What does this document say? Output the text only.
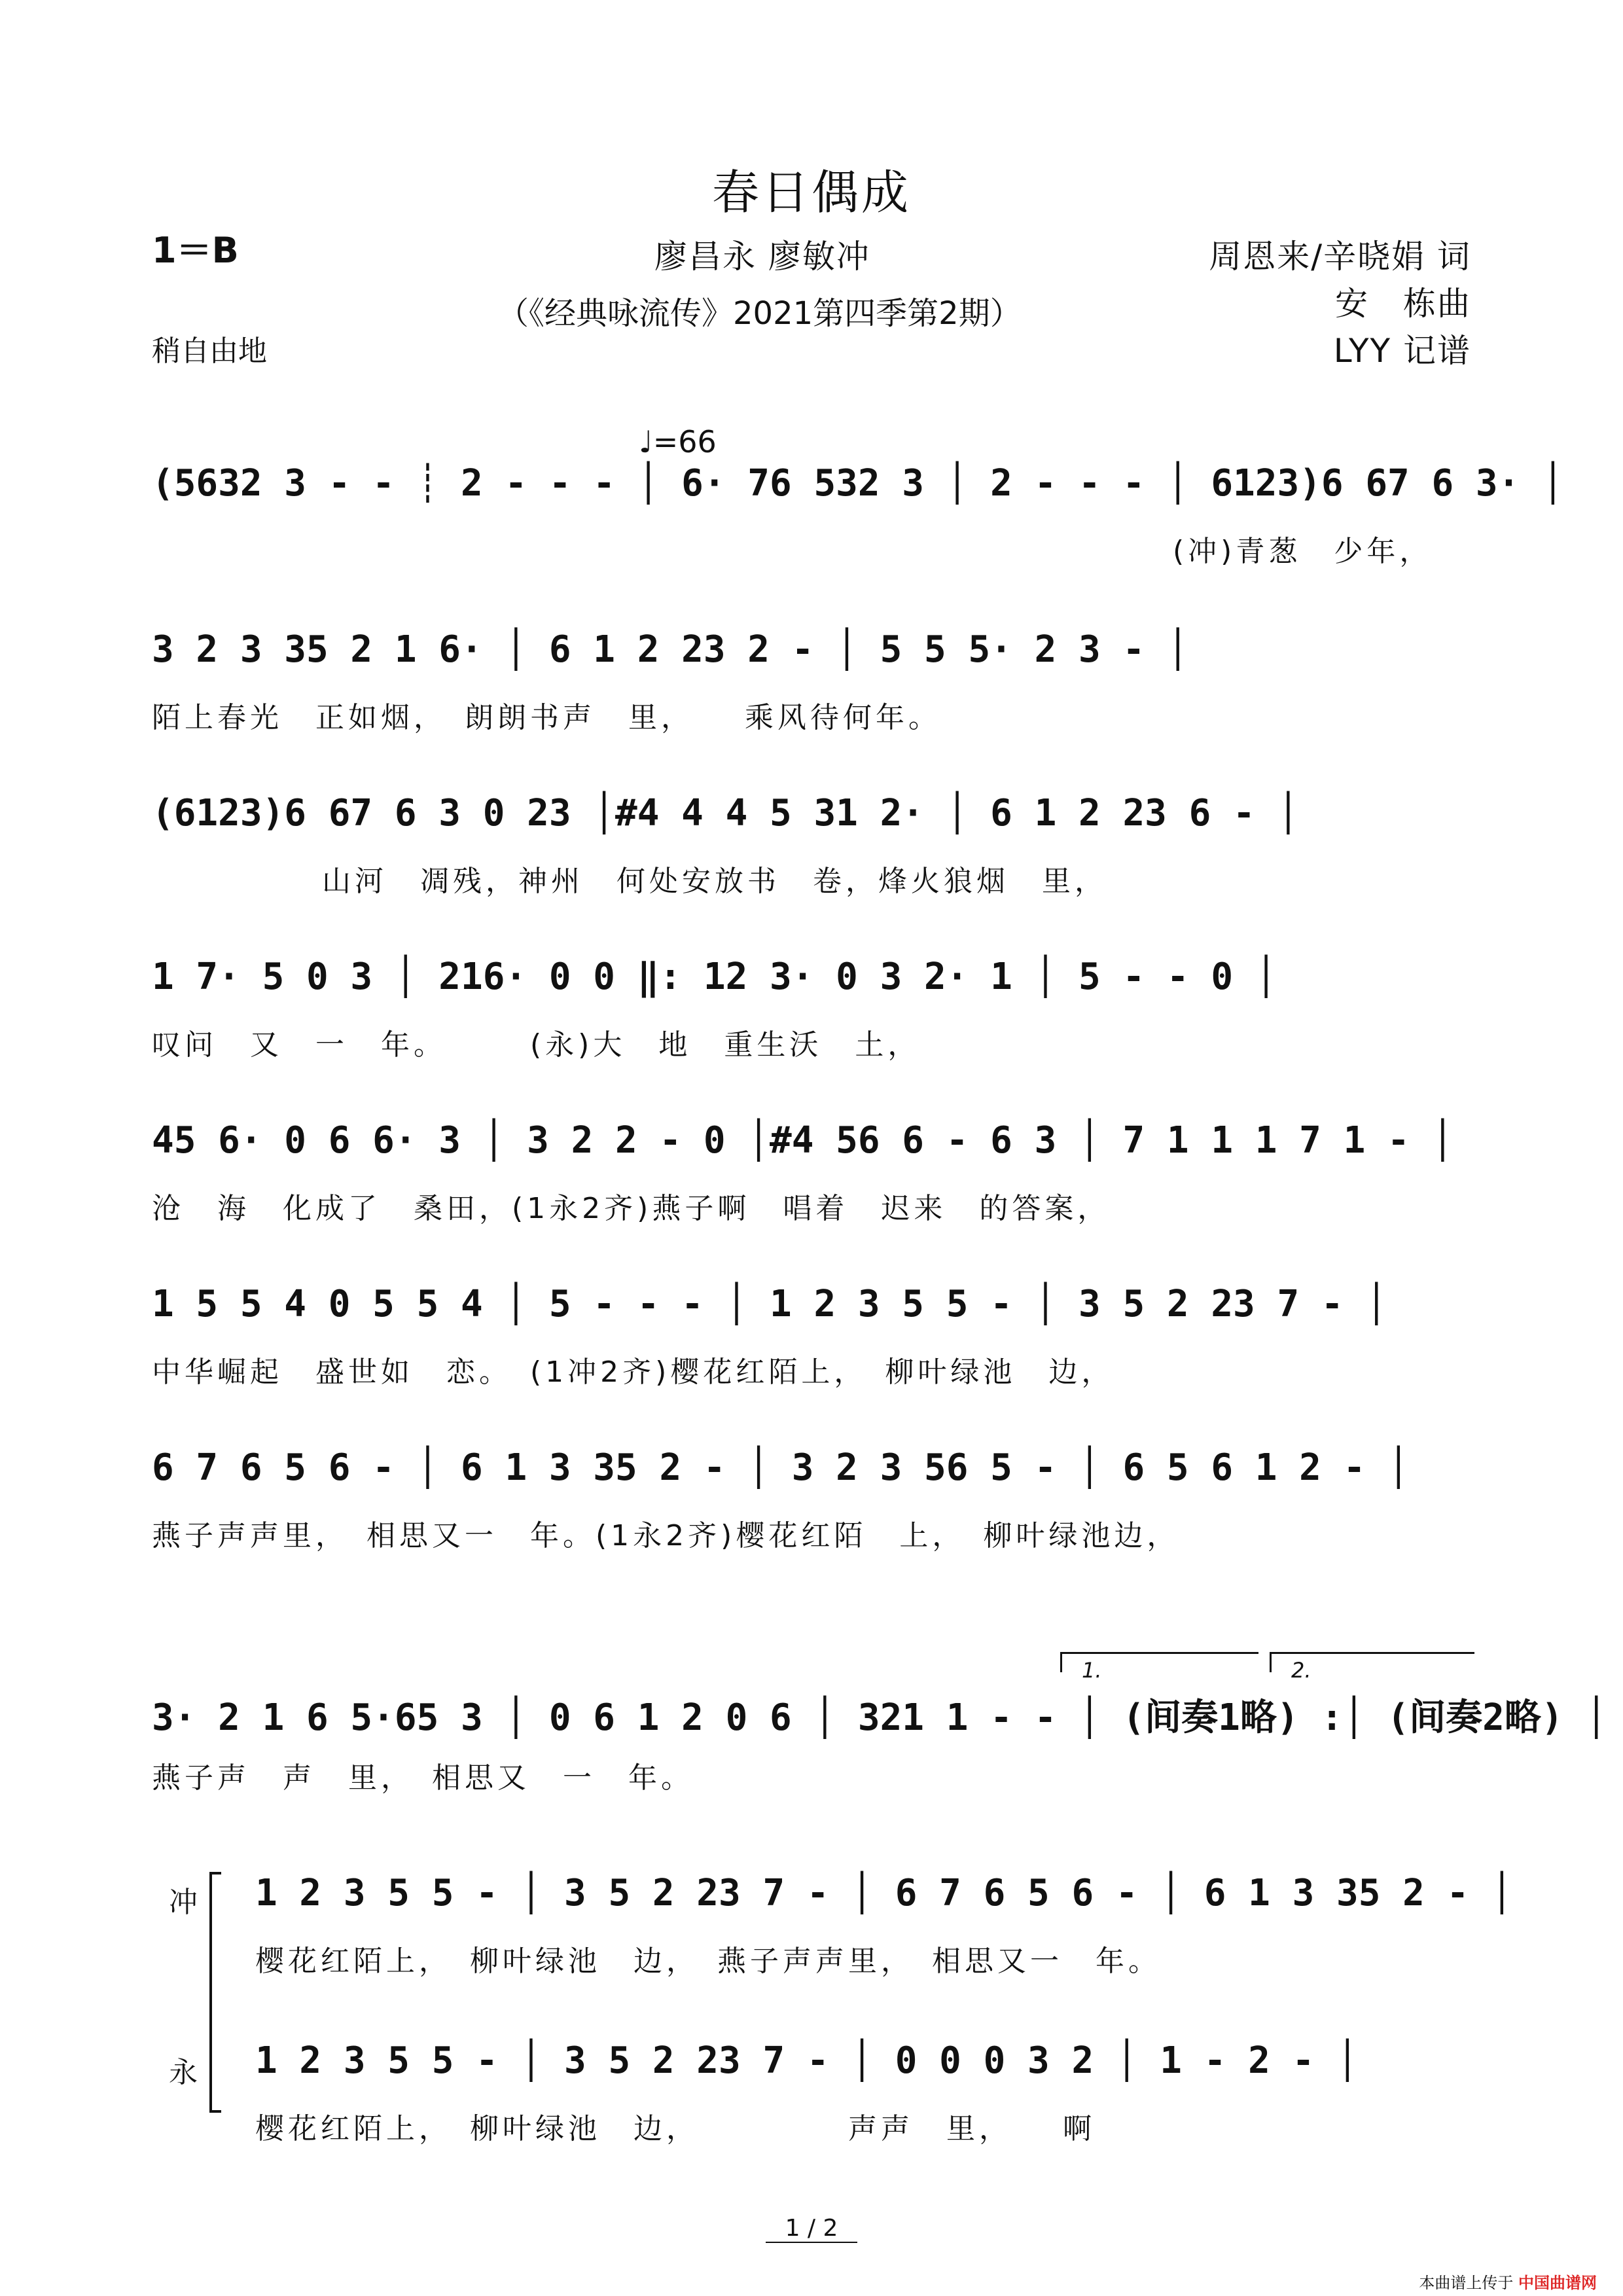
春日偶成
1＝B
稍自由地
廖昌永 廖敏冲
（《经典咏流传》2021第四季第2期）
周恩来/辛晓娟 词
安　栋曲
LYY 记谱
♩=66
(5632 3 - - ┊ 2 - - - │ 6· 76 532 3 │ 2 - - - │ 6123)6 67 6 3· │
(冲)青葱　少年，
3 2 3 35 2 1 6· │ 6 1 2 23 2 - │ 5 5 5· 2 3 - │
陌上春光　正如烟，　朗朗书声　里，　　乘风待何年。
(6123)6 67 6 3 0 23 │#4 4 4 5 31 2· │ 6 1 2 23 6 - │
山河　凋残，神州　何处安放书　卷，烽火狼烟　里，
1 7· 5 0 3 │ 216· 0 0 ‖: 12 3· 0 3 2· 1 │ 5 - - 0 │
叹问　又　一　年。　　　(永)大　地　重生沃　土，
45 6· 0 6 6· 3 │ 3 2 2 - 0 │#4 56 6 - 6 3 │ 7 1 1 1 7 1 - │
沧　海　化成了　桑田，(1永2齐)燕子啊　唱着　迟来　的答案，
1 5 5 4 0 5 5 4 │ 5 - - - │ 1 2 3 5 5 - │ 3 5 2 23 7 - │
中华崛起　盛世如　恋。　(1冲2齐)樱花红陌上，　柳叶绿池　边，
6 7 6 5 6 - │ 6 1 3 35 2 - │ 3 2 3 56 5 - │ 6 5 6 1 2 - │
燕子声声里，　相思又一　年。(1永2齐)樱花红陌　上，　柳叶绿池边，
1.	2.
3· 2 1 6 5·65 3 │ 0 6 1 2 0 6 │ 321 1 - - │ (间奏1略) :│ (间奏2略) │
燕子声　声　里，　相思又　一　年。
冲
永
1 2 3 5 5 - │ 3 5 2 23 7 - │ 6 7 6 5 6 - │ 6 1 3 35 2 - │
樱花红陌上，　柳叶绿池　边，　燕子声声里，　相思又一　年。
1 2 3 5 5 - │ 3 5 2 23 7 - │ 0 0 0 3 2 │ 1 - 2 - │
樱花红陌上，　柳叶绿池　边，　　　　　声声　里，　　啊
1 / 2
本曲谱上传于 中国曲谱网
